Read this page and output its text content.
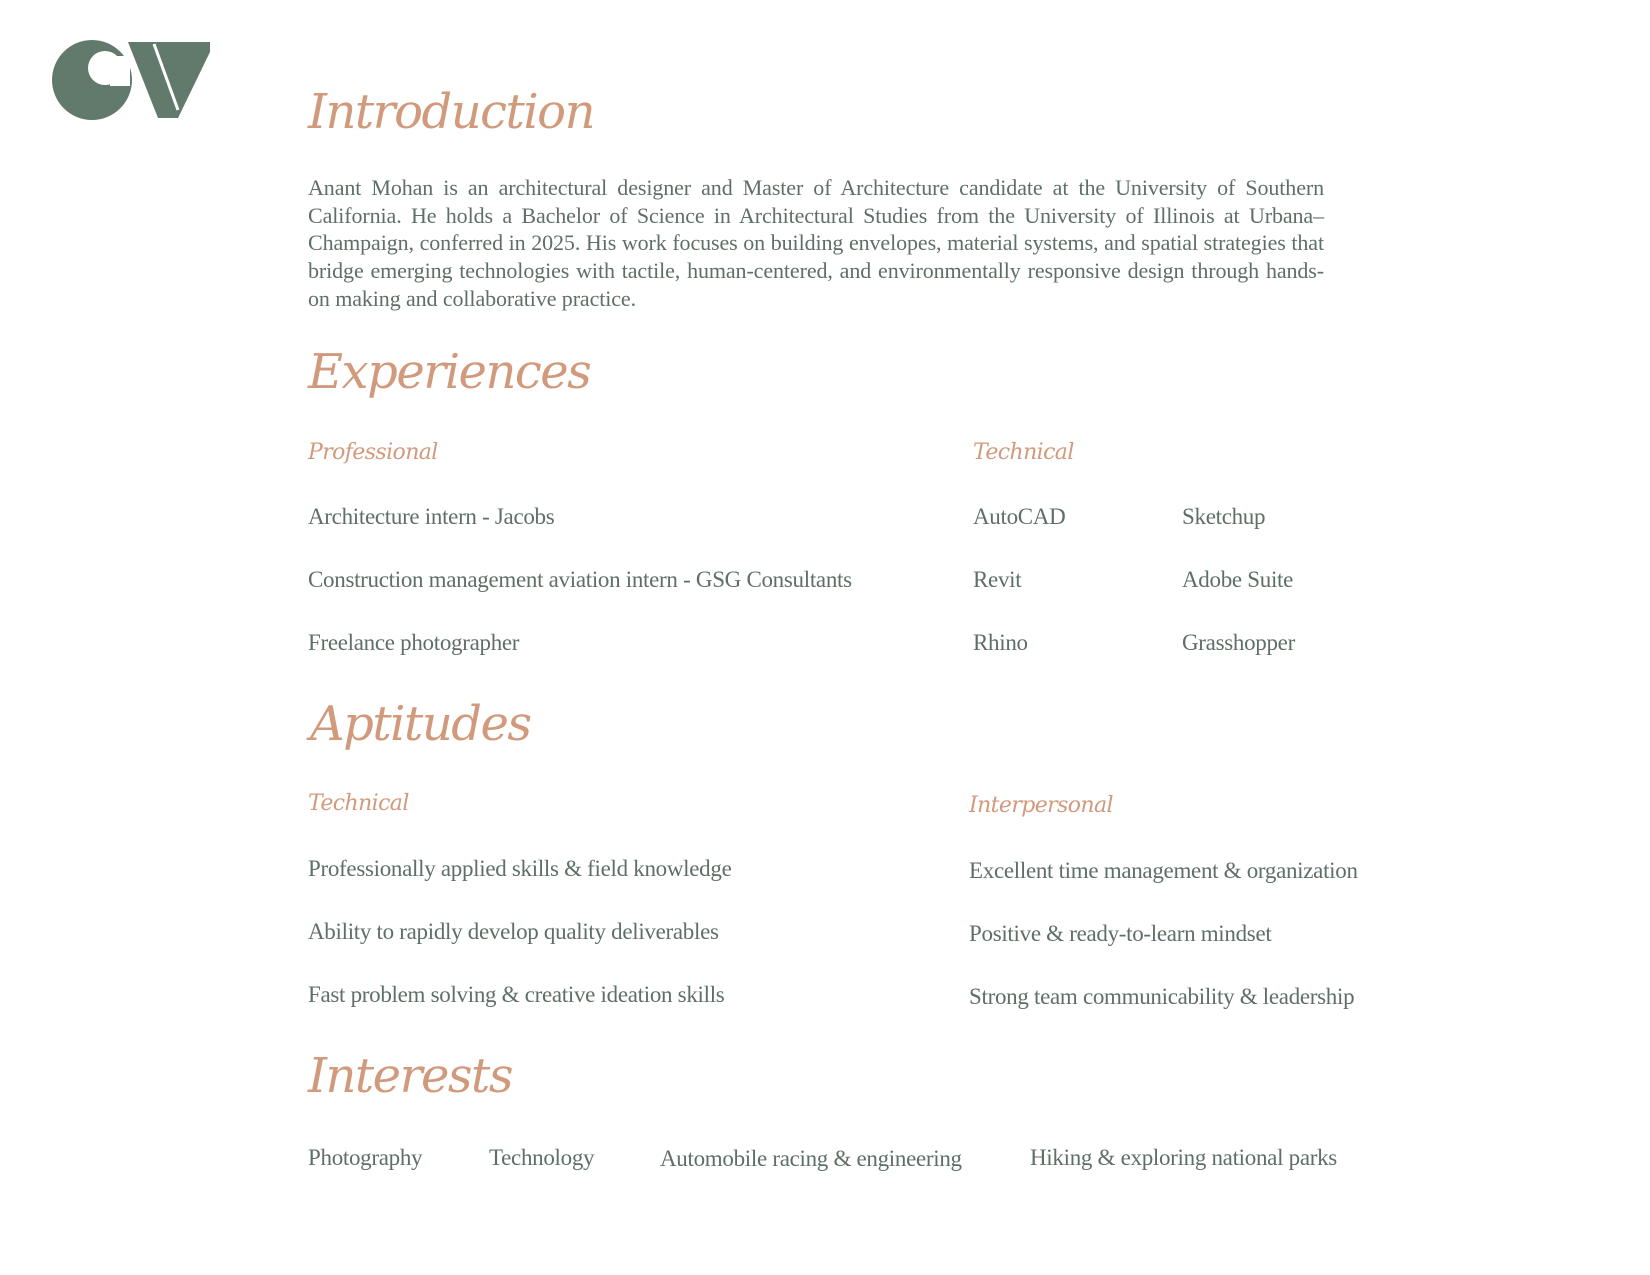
Introduction

Anant Mohan is an architectural designer and Master of Architecture candidate at the University of Southern California. He holds a Bachelor of Science in Architectural Studies from the University of Illinois at Urbana–Champaign, conferred in 2025. His work focuses on building envelopes, material systems, and spatial strategies that bridge emerging technologies with tactile, human-centered, and environmentally responsive design through hands-on making and collaborative practice.

Experiences
Professional
Architecture intern - Jacobs
Construction management aviation intern - GSG Consultants
Freelance photographer
Technical
AutoCAD	Sketchup
Revit	Adobe Suite
Rhino	Grasshopper
Aptitudes
Technical
Professionally applied skills & field knowledge
Ability to rapidly develop quality deliverables
Fast problem solving & creative ideation skills
Interpersonal
Excellent time management & organization
Positive & ready-to-learn mindset
Strong team communicability & leadership
Interests
Photography	Technology	Automobile racing & engineering	Hiking & exploring national parks
